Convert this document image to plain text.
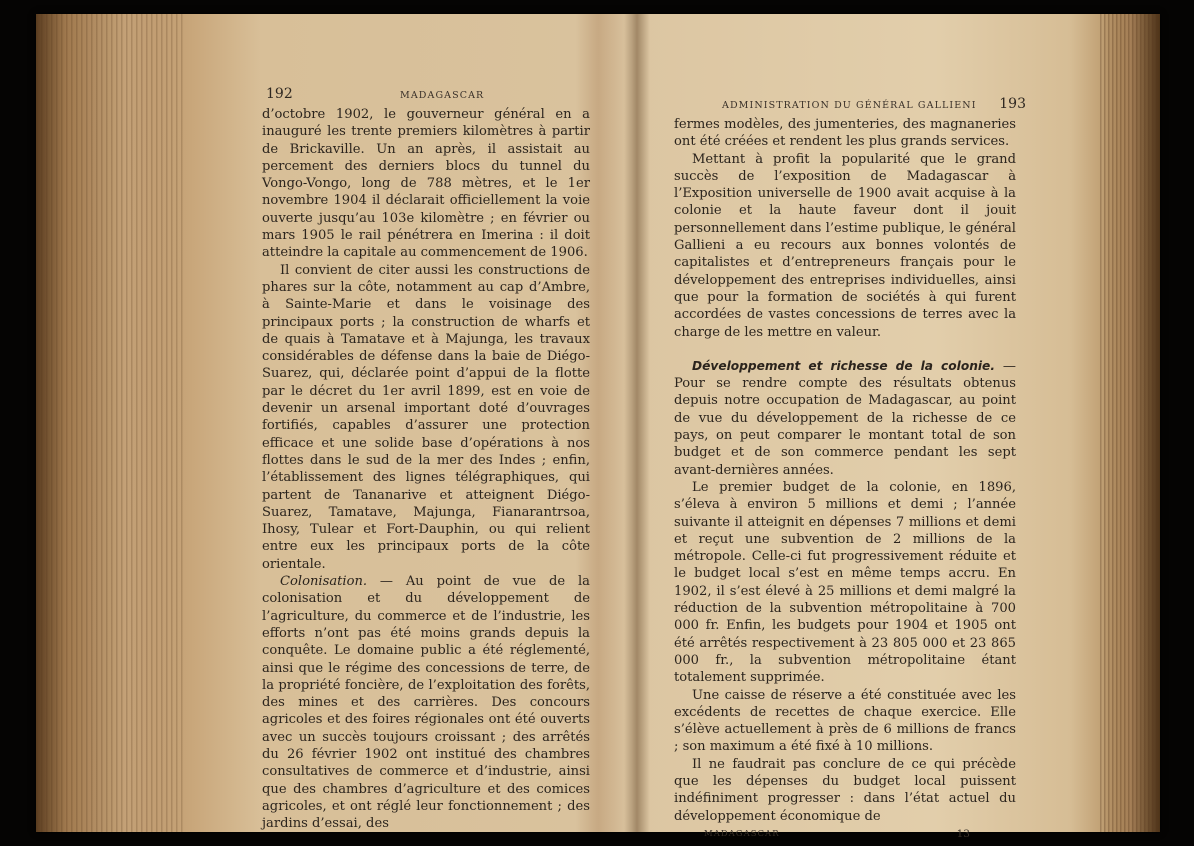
192	MADAGASCAR

d’octobre 1902, le gouverneur général en a inauguré les trente premiers kilomètres à partir de Brickaville. Un an après, il assistait au percement des derniers blocs du tunnel du Vongo-Vongo, long de 788 mètres, et le 1er novembre 1904 il déclarait officiellement la voie ouverte jusqu’au 103e kilomètre ; en février ou mars 1905 le rail pénétrera en Imerina : il doit atteindre la capitale au commencement de 1906.

Il convient de citer aussi les constructions de phares sur la côte, notamment au cap d’Ambre, à Sainte-Marie et dans le voisinage des principaux ports ; la construction de wharfs et de quais à Tamatave et à Majunga, les travaux considérables de défense dans la baie de Diégo-Suarez, qui, déclarée point d’appui de la flotte par le décret du 1er avril 1899, est en voie de devenir un arsenal important doté d’ouvrages fortifiés, capables d’assurer une protection efficace et une solide base d’opérations à nos flottes dans le sud de la mer des Indes ; enfin, l’établissement des lignes télégraphiques, qui partent de Tananarive et atteignent Diégo-Suarez, Tamatave, Majunga, Fianarantrsoa, Ihosy, Tulear et Fort-Dauphin, ou qui relient entre eux les principaux ports de la côte orientale.

Colonisation. — Au point de vue de la colonisation et du développement de l’agriculture, du commerce et de l’industrie, les efforts n’ont pas été moins grands depuis la conquête. Le domaine public a été réglementé, ainsi que le régime des concessions de terre, de la propriété foncière, de l’exploitation des forêts, des mines et des carrières. Des concours agricoles et des foires régionales ont été ouverts avec un succès toujours croissant ; des arrêtés du 26 février 1902 ont institué des chambres consultatives de commerce et d’industrie, ainsi que des chambres d’agriculture et des comices agricoles, et ont réglé leur fonctionnement ; des jardins d’essai, des

ADMINISTRATION DU GÉNÉRAL GALLIENI 193

fermes modèles, des jumenteries, des magnaneries ont été créées et rendent les plus grands services.

Mettant à profit la popularité que le grand succès de l’exposition de Madagascar à l’Exposition universelle de 1900 avait acquise à la colonie et la haute faveur dont il jouit personnellement dans l’estime publique, le général Gallieni a eu recours aux bonnes volontés de capitalistes et d’entrepreneurs français pour le développement des entreprises individuelles, ainsi que pour la formation de sociétés à qui furent accordées de vastes concessions de terres avec la charge de les mettre en valeur.

Développement et richesse de la colonie. — Pour se rendre compte des résultats obtenus depuis notre occupation de Madagascar, au point de vue du développement de la richesse de ce pays, on peut comparer le montant total de son budget et de son commerce pendant les sept avant-dernières années.

Le premier budget de la colonie, en 1896, s’éleva à environ 5 millions et demi ; l’année suivante il atteignit en dépenses 7 millions et demi et reçut une subvention de 2 millions de la métropole. Celle-ci fut progressivement réduite et le budget local s’est en même temps accru. En 1902, il s’est élevé à 25 millions et demi malgré la réduction de la subvention métropolitaine à 700 000 fr. Enfin, les budgets pour 1904 et 1905 ont été arrêtés respectivement à 23 805 000 et 23 865 000 fr., la subvention métropolitaine étant totalement supprimée.

Une caisse de réserve a été constituée avec les excédents de recettes de chaque exercice. Elle s’élève actuellement à près de 6 millions de francs ; son maximum a été fixé à 10 millions.

Il ne faudrait pas conclure de ce qui précède que les dépenses du budget local puissent indéfiniment progresser : dans l’état actuel du développement économique de

MADAGASCAR	13
